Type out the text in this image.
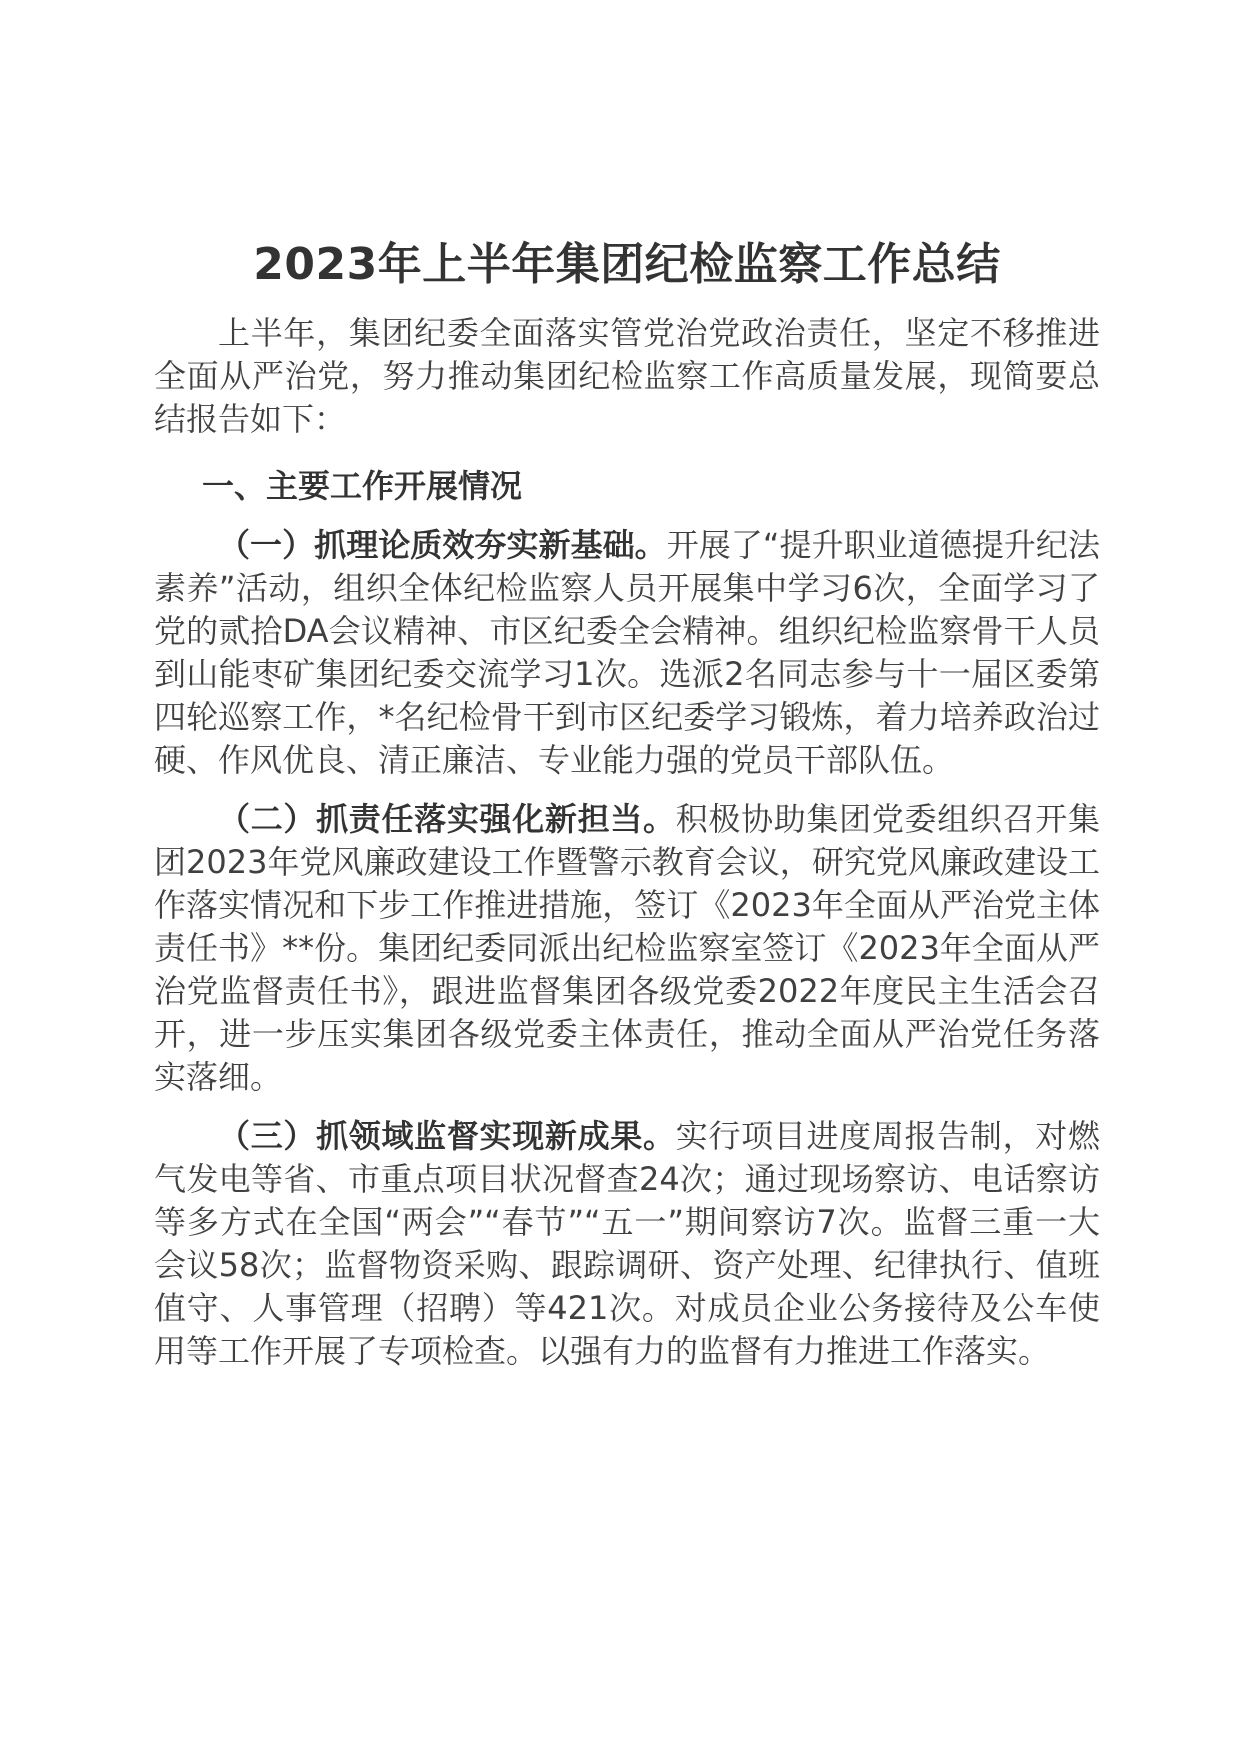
2023年上半年集团纪检监察工作总结

上半年，集团纪委全面落实管党治党政治责任，坚定不移推进全面从严治党，努力推动集团纪检监察工作高质量发展，现简要总结报告如下：

一、主要工作开展情况

（一）抓理论质效夯实新基础。开展了“提升职业道德提升纪法素养”活动，组织全体纪检监察人员开展集中学习6次，全面学习了党的贰拾DA会议精神、市区纪委全会精神。组织纪检监察骨干人员到山能枣矿集团纪委交流学习1次。选派2名同志参与十一届区委第四轮巡察工作，*名纪检骨干到市区纪委学习锻炼，着力培养政治过硬、作风优良、清正廉洁、专业能力强的党员干部队伍。

（二）抓责任落实强化新担当。积极协助集团党委组织召开集团2023年党风廉政建设工作暨警示教育会议，研究党风廉政建设工作落实情况和下步工作推进措施，签订《2023年全面从严治党主体责任书》**份。集团纪委同派出纪检监察室签订《2023年全面从严治党监督责任书》，跟进监督集团各级党委2022年度民主生活会召开，进一步压实集团各级党委主体责任，推动全面从严治党任务落实落细。

（三）抓领域监督实现新成果。实行项目进度周报告制，对燃气发电等省、市重点项目状况督查24次；通过现场察访、电话察访等多方式在全国“两会”“春节”“五一”期间察访7次。监督三重一大会议58次；监督物资采购、跟踪调研、资产处理、纪律执行、值班值守、人事管理（招聘）等421次。对成员企业公务接待及公车使用等工作开展了专项检查。以强有力的监督有力推进工作落实。
